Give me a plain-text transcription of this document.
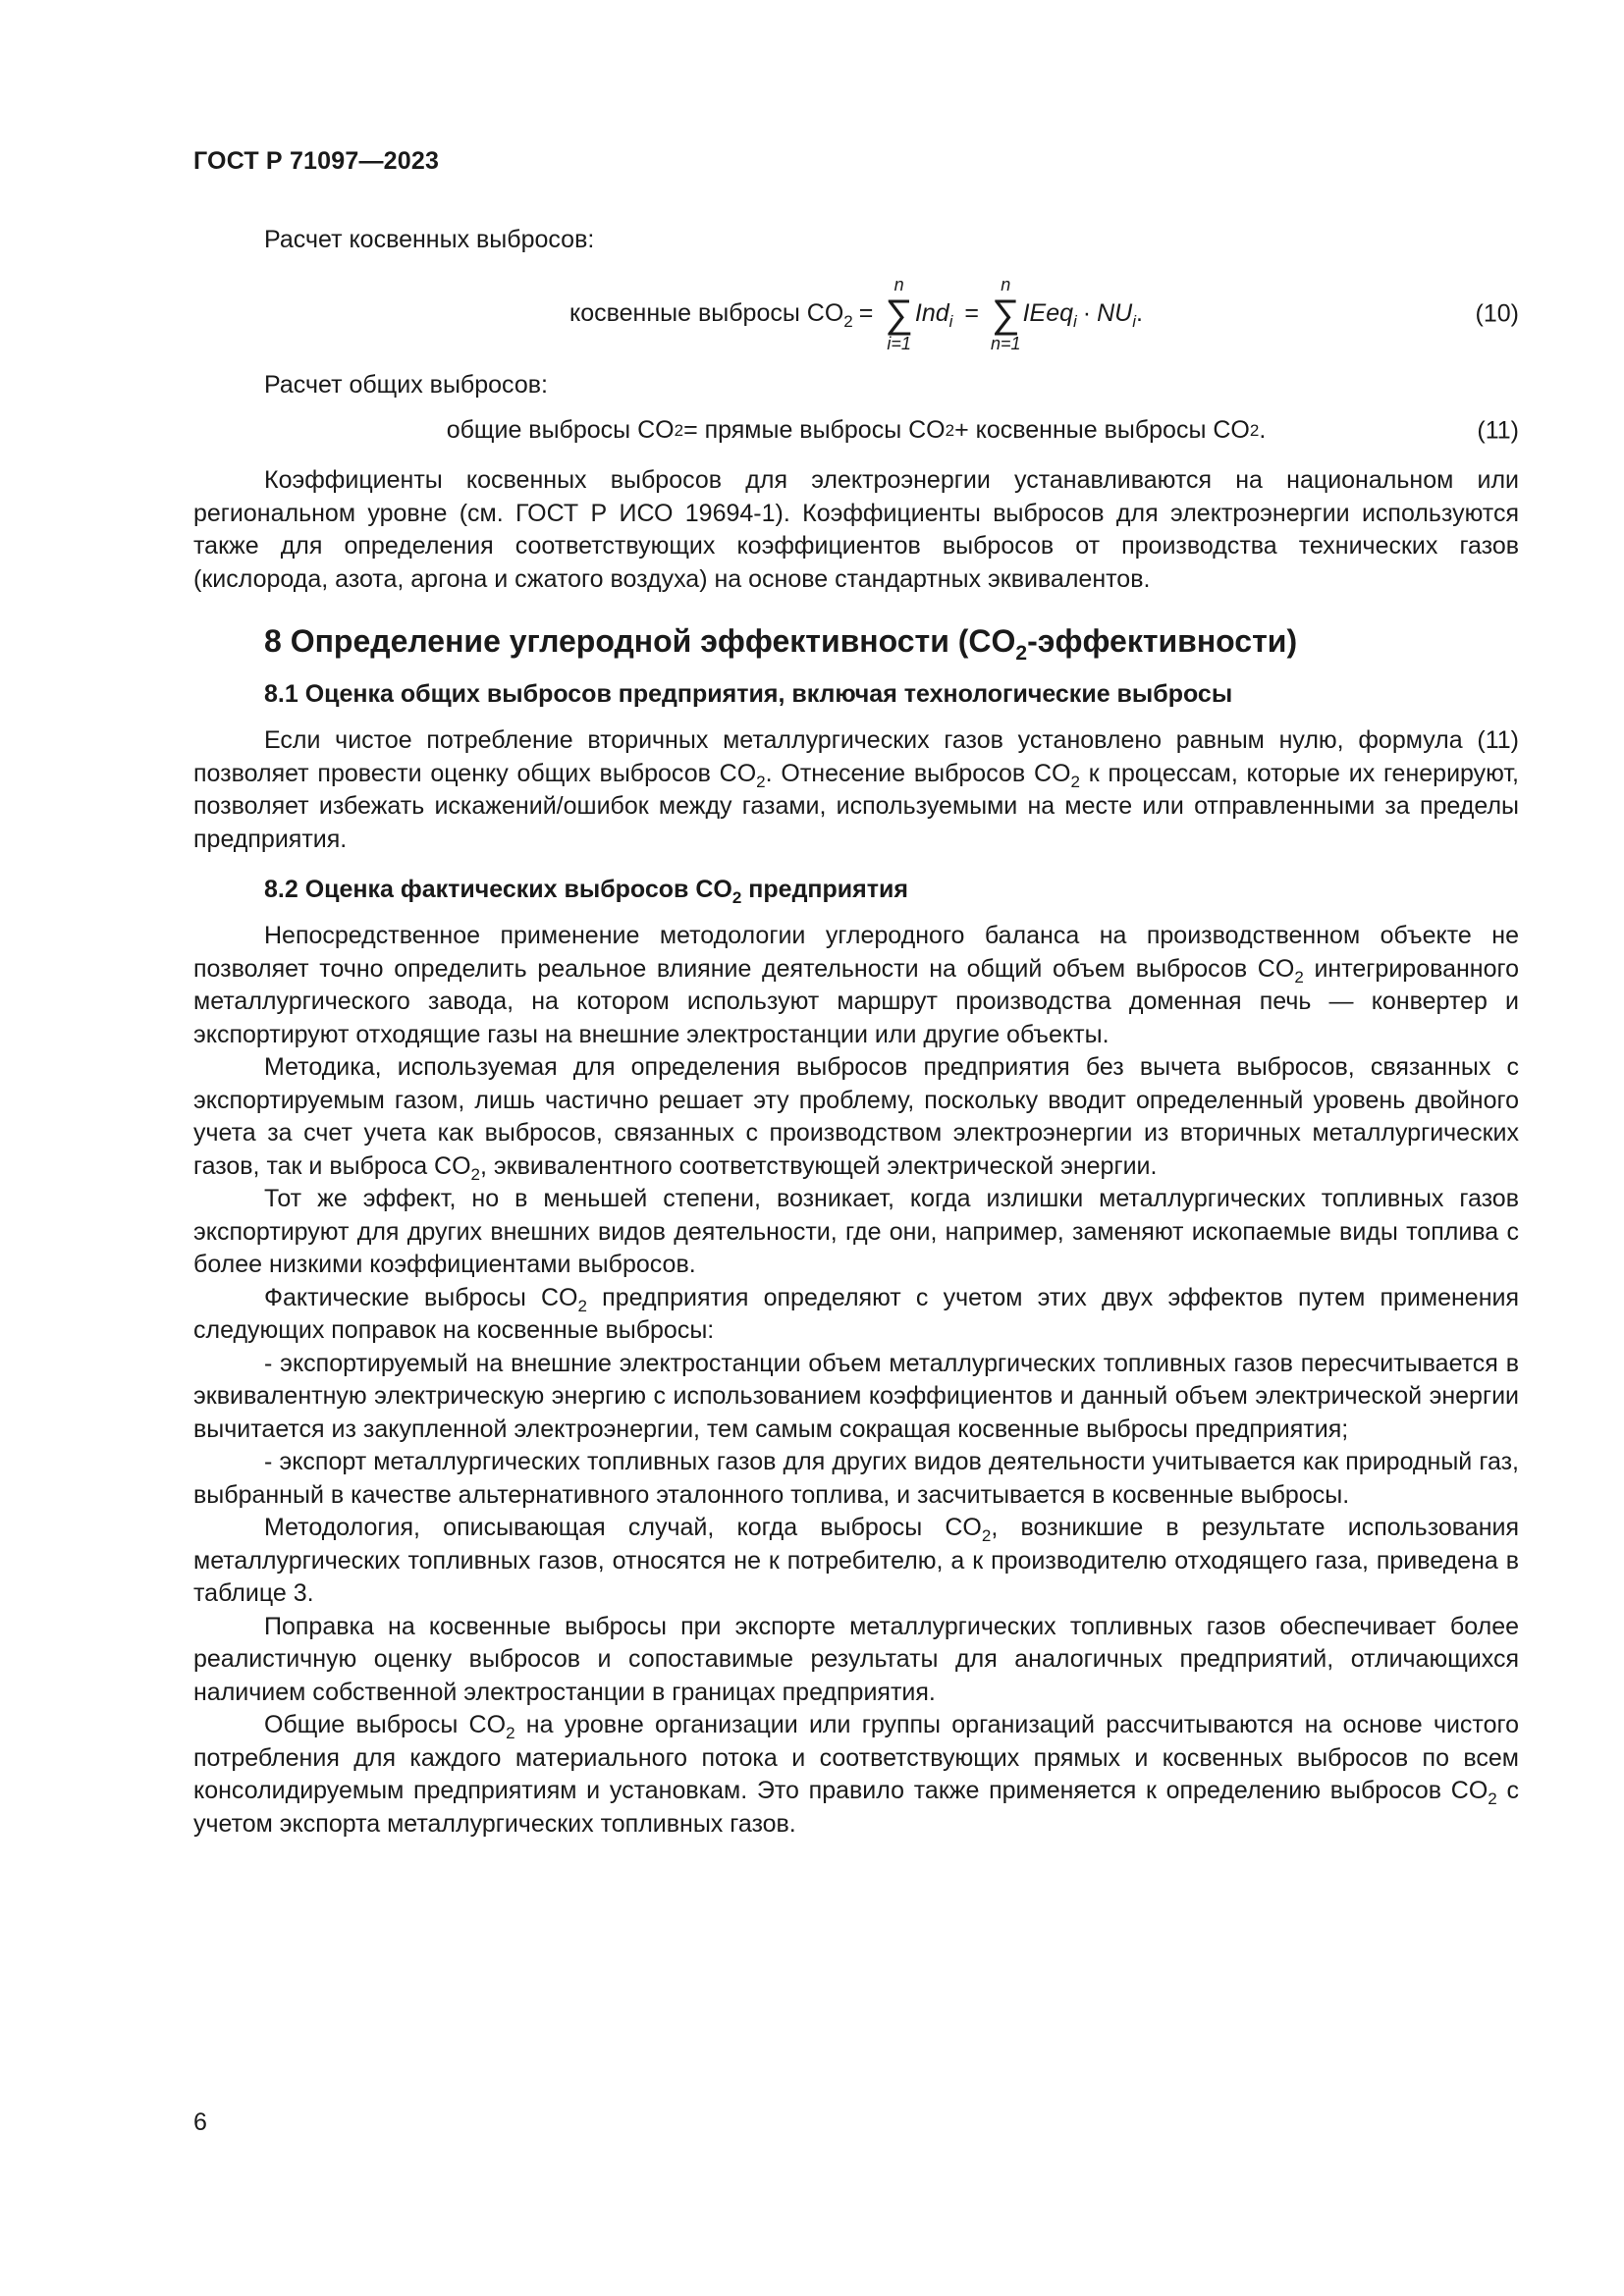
ГОСТ Р 71097—2023

Расчет косвенных выбросов:

косвенные выбросы $CO_2$ =
n
∑
i=1
Ind$_i$ =
n
∑
n=1
IEeq$_i$ · $NU_i$ .	(10)

Расчет общих выбросов:

общие выбросы CO 2 = прямые выбросы CO 2 + косвенные выбросы CO 2 .	(11)

Коэффициенты косвенных выбросов для электроэнергии устанавливаются на национальном или региональном уровне (см. ГОСТ Р ИСО 19694-1). Коэффициенты выбросов для электроэнергии используются также для определения соответствующих коэффициентов выбросов от производства технических газов (кислорода, азота, аргона и сжатого воздуха) на основе стандартных эквивалентов.

8 Определение углеродной эффективности $(CO_2-эффективности)$
8.1 Оценка общих выбросов предприятия, включая технологические выбросы

Если чистое потребление вторичных металлургических газов установлено равным нулю, формула (11) позволяет провести оценку общих выбросов $CO_2$. Отнесение выбросов $CO_2$ к процессам, которые их генерируют, позволяет избежать искажений/ошибок между газами, используемыми на месте или отправленными за пределы предприятия.

8.2 Оценка фактических выбросов $CO_2$ предприятия

Непосредственное применение методологии углеродного баланса на производственном объекте не позволяет точно определить реальное влияние деятельности на общий объем выбросов $CO_2$ интегрированного металлургического завода, на котором используют маршрут производства доменная печь — конвертер и экспортируют отходящие газы на внешние электростанции или другие объекты.

Методика, используемая для определения выбросов предприятия без вычета выбросов, связанных с экспортируемым газом, лишь частично решает эту проблему, поскольку вводит определенный уровень двойного учета за счет учета как выбросов, связанных с производством электроэнергии из вторичных металлургических газов, так и выброса $CO_2$, эквивалентного соответствующей электрической энергии.

Тот же эффект, но в меньшей степени, возникает, когда излишки металлургических топливных газов экспортируют для других внешних видов деятельности, где они, например, заменяют ископаемые виды топлива с более низкими коэффициентами выбросов.

Фактические выбросы $CO_2$ предприятия определяют с учетом этих двух эффектов путем применения следующих поправок на косвенные выбросы:

- экспортируемый на внешние электростанции объем металлургических топливных газов пересчитывается в эквивалентную электрическую энергию с использованием коэффициентов и данный объем электрической энергии вычитается из закупленной электроэнергии, тем самым сокращая косвенные выбросы предприятия;

- экспорт металлургических топливных газов для других видов деятельности учитывается как природный газ, выбранный в качестве альтернативного эталонного топлива, и засчитывается в косвенные выбросы.

Методология, описывающая случай, когда выбросы $CO_2$, возникшие в результате использования металлургических топливных газов, относятся не к потребителю, а к производителю отходящего газа, приведена в таблице 3.

Поправка на косвенные выбросы при экспорте металлургических топливных газов обеспечивает более реалистичную оценку выбросов и сопоставимые результаты для аналогичных предприятий, отличающихся наличием собственной электростанции в границах предприятия.

Общие выбросы $CO_2$ на уровне организации или группы организаций рассчитываются на основе чистого потребления для каждого материального потока и соответствующих прямых и косвенных выбросов по всем консолидируемым предприятиям и установкам. Это правило также применяется к определению выбросов $CO_2$ с учетом экспорта металлургических топливных газов.

6
